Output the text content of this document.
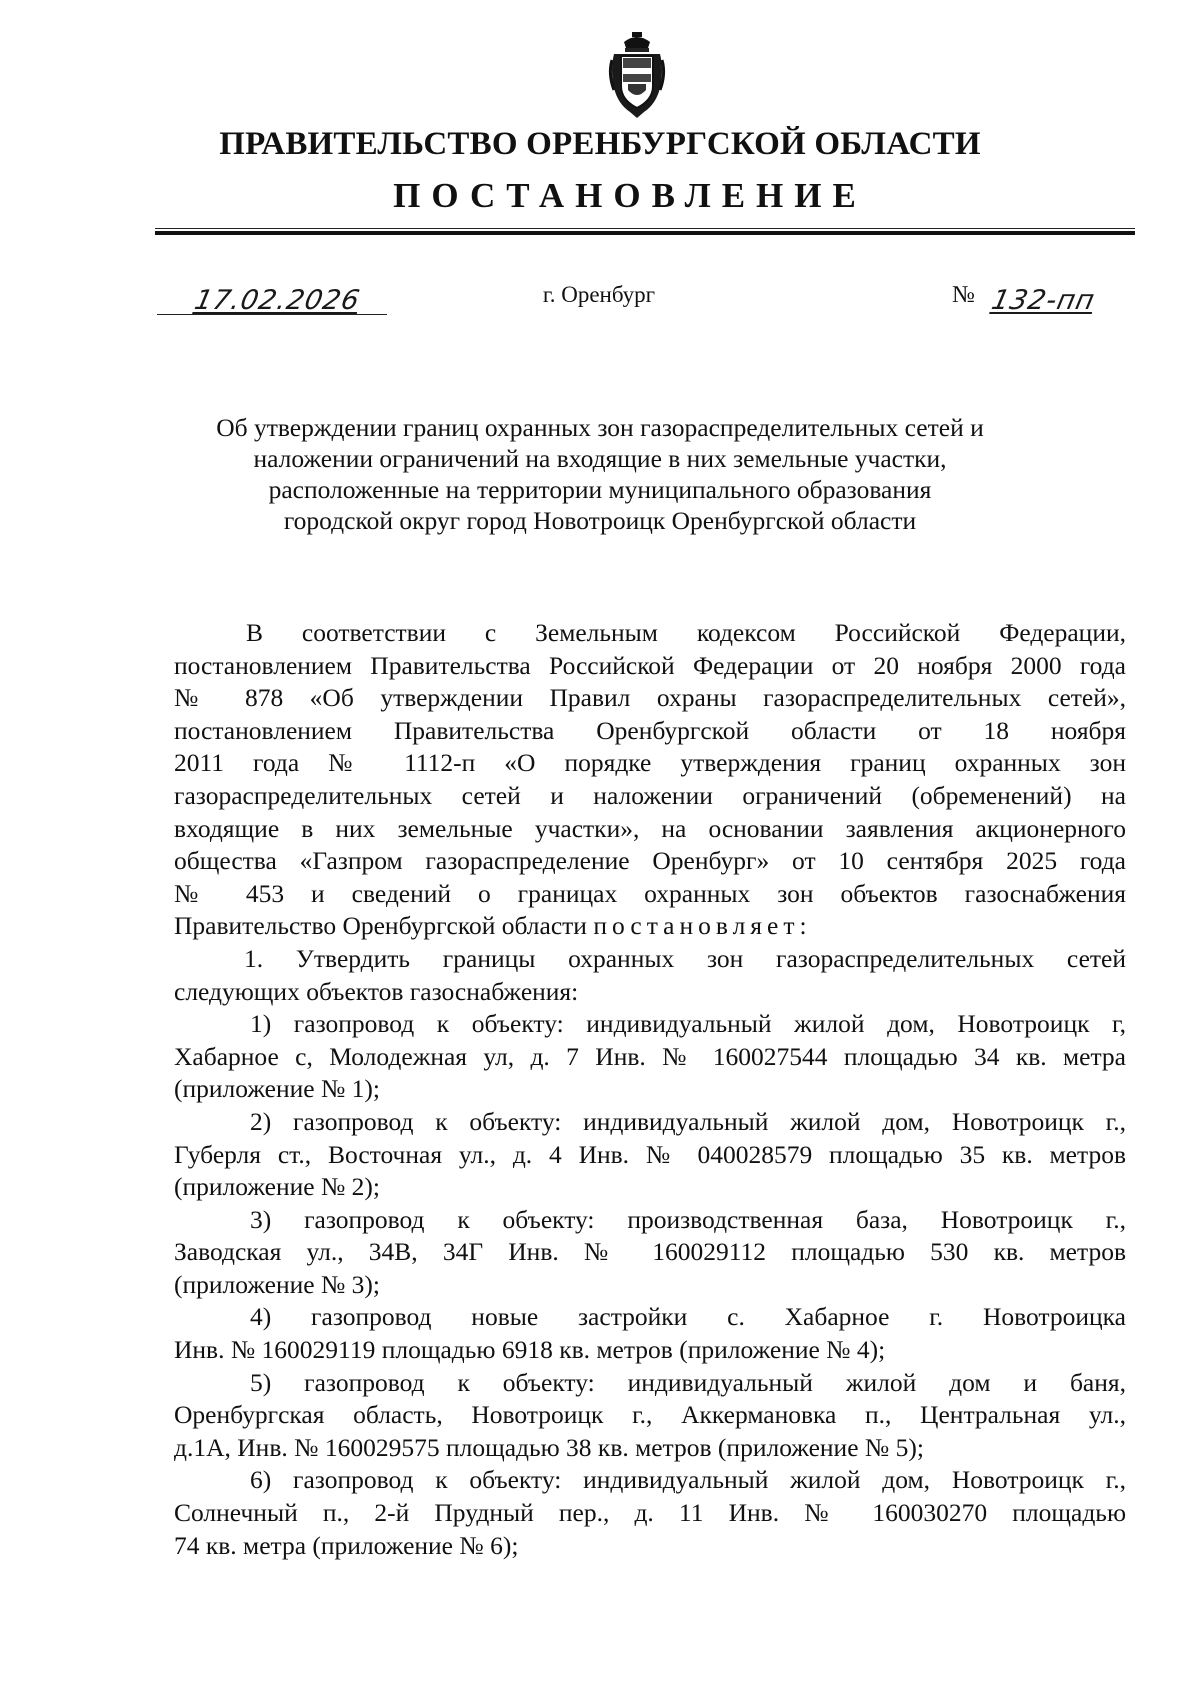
ПРАВИТЕЛЬСТВО ОРЕНБУРГСКОЙ ОБЛАСТИ
ПОСТАНОВЛЕНИЕ
17.02.2026	г. Оренбург	№ 132-пп
Об утверждении границ охранных зон газораспределительных сетей и
наложении ограничений на входящие в них земельные участки,
расположенные на территории муниципального образования
городской округ город Новотроицк Оренбургской области
В соответствии с Земельным кодексом Российской Федерации,
постановлением Правительства Российской Федерации от 20 ноября 2000 года
№ 878 «Об утверждении Правил охраны газораспределительных сетей»,
постановлением Правительства Оренбургской области от 18 ноября
2011 года № 1112-п «О порядке утверждения границ охранных зон
газораспределительных сетей и наложении ограничений (обременений) на
входящие в них земельные участки», на основании заявления акционерного
общества «Газпром газораспределение Оренбург» от 10 сентября 2025 года
№ 453 и сведений о границах охранных зон объектов газоснабжения
Правительство Оренбургской области постановляет:
1. Утвердить границы охранных зон газораспределительных сетей
следующих объектов газоснабжения:
1) газопровод к объекту: индивидуальный жилой дом, Новотроицк г,
Хабарное с, Молодежная ул, д. 7 Инв. № 160027544 площадью 34 кв. метра
(приложение № 1);
2) газопровод к объекту: индивидуальный жилой дом, Новотроицк г.,
Губерля ст., Восточная ул., д. 4 Инв. № 040028579 площадью 35 кв. метров
(приложение № 2);
3) газопровод к объекту: производственная база, Новотроицк г.,
Заводская ул., 34В, 34Г Инв. № 160029112 площадью 530 кв. метров
(приложение № 3);
4) газопровод новые застройки с. Хабарное г. Новотроицка
Инв. № 160029119 площадью 6918 кв. метров (приложение № 4);
5) газопровод к объекту: индивидуальный жилой дом и баня,
Оренбургская область, Новотроицк г., Аккермановка п., Центральная ул.,
д.1А, Инв. № 160029575 площадью 38 кв. метров (приложение № 5);
6) газопровод к объекту: индивидуальный жилой дом, Новотроицк г.,
Солнечный п., 2-й Прудный пер., д. 11 Инв. № 160030270 площадью
74 кв. метра (приложение № 6);
